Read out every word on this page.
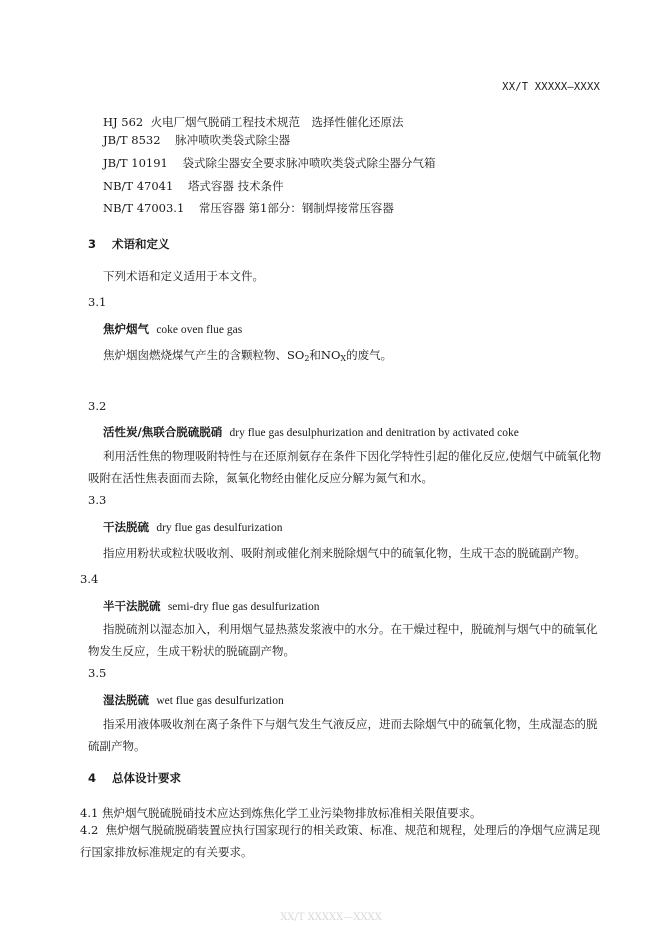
XX/T XXXXX—XXXX
HJ 562 火电厂烟气脱硝工程技术规范　选择性催化还原法
JB/T 8532 脉冲喷吹类袋式除尘器
JB/T 10191 袋式除尘器安全要求脉冲喷吹类袋式除尘器分气箱
NB/T 47041 塔式容器 技术条件
NB/T 47003.1 常压容器 第1部分：钢制焊接常压容器
3 术语和定义
下列术语和定义适用于本文件。
3.1
焦炉烟气 coke oven flue gas
焦炉烟囱燃烧煤气产生的含颗粒物、$SO_2$和$NO_X$的废气。
3.2
活性炭/焦联合脱硫脱硝 dry flue gas desulphurization and denitration by activated coke
利用活性焦的物理吸附特性与在还原剂氨存在条件下因化学特性引起的催化反应,使烟气中硫氧化物吸附在活性焦表面而去除，氮氧化物经由催化反应分解为氮气和水。
3.3
干法脱硫 dry flue gas desulfurization
指应用粉状或粒状吸收剂、吸附剂或催化剂来脱除烟气中的硫氧化物，生成干态的脱硫副产物。
3.4
半干法脱硫 semi-dry flue gas desulfurization
指脱硫剂以湿态加入，利用烟气显热蒸发浆液中的水分。在干燥过程中，脱硫剂与烟气中的硫氧化物发生反应，生成干粉状的脱硫副产物。
3.5
湿法脱硫 wet flue gas desulfurization
指采用液体吸收剂在离子条件下与烟气发生气液反应，进而去除烟气中的硫氧化物，生成湿态的脱硫副产物。
4 总体设计要求
4.1 焦炉烟气脱硫脱硝技术应达到炼焦化学工业污染物排放标准相关限值要求。
4.2 焦炉烟气脱硫脱硝装置应执行国家现行的相关政策、标准、规范和规程，处理后的净烟气应满足现行国家排放标准规定的有关要求。
XX/T XXXXX—XXXX
